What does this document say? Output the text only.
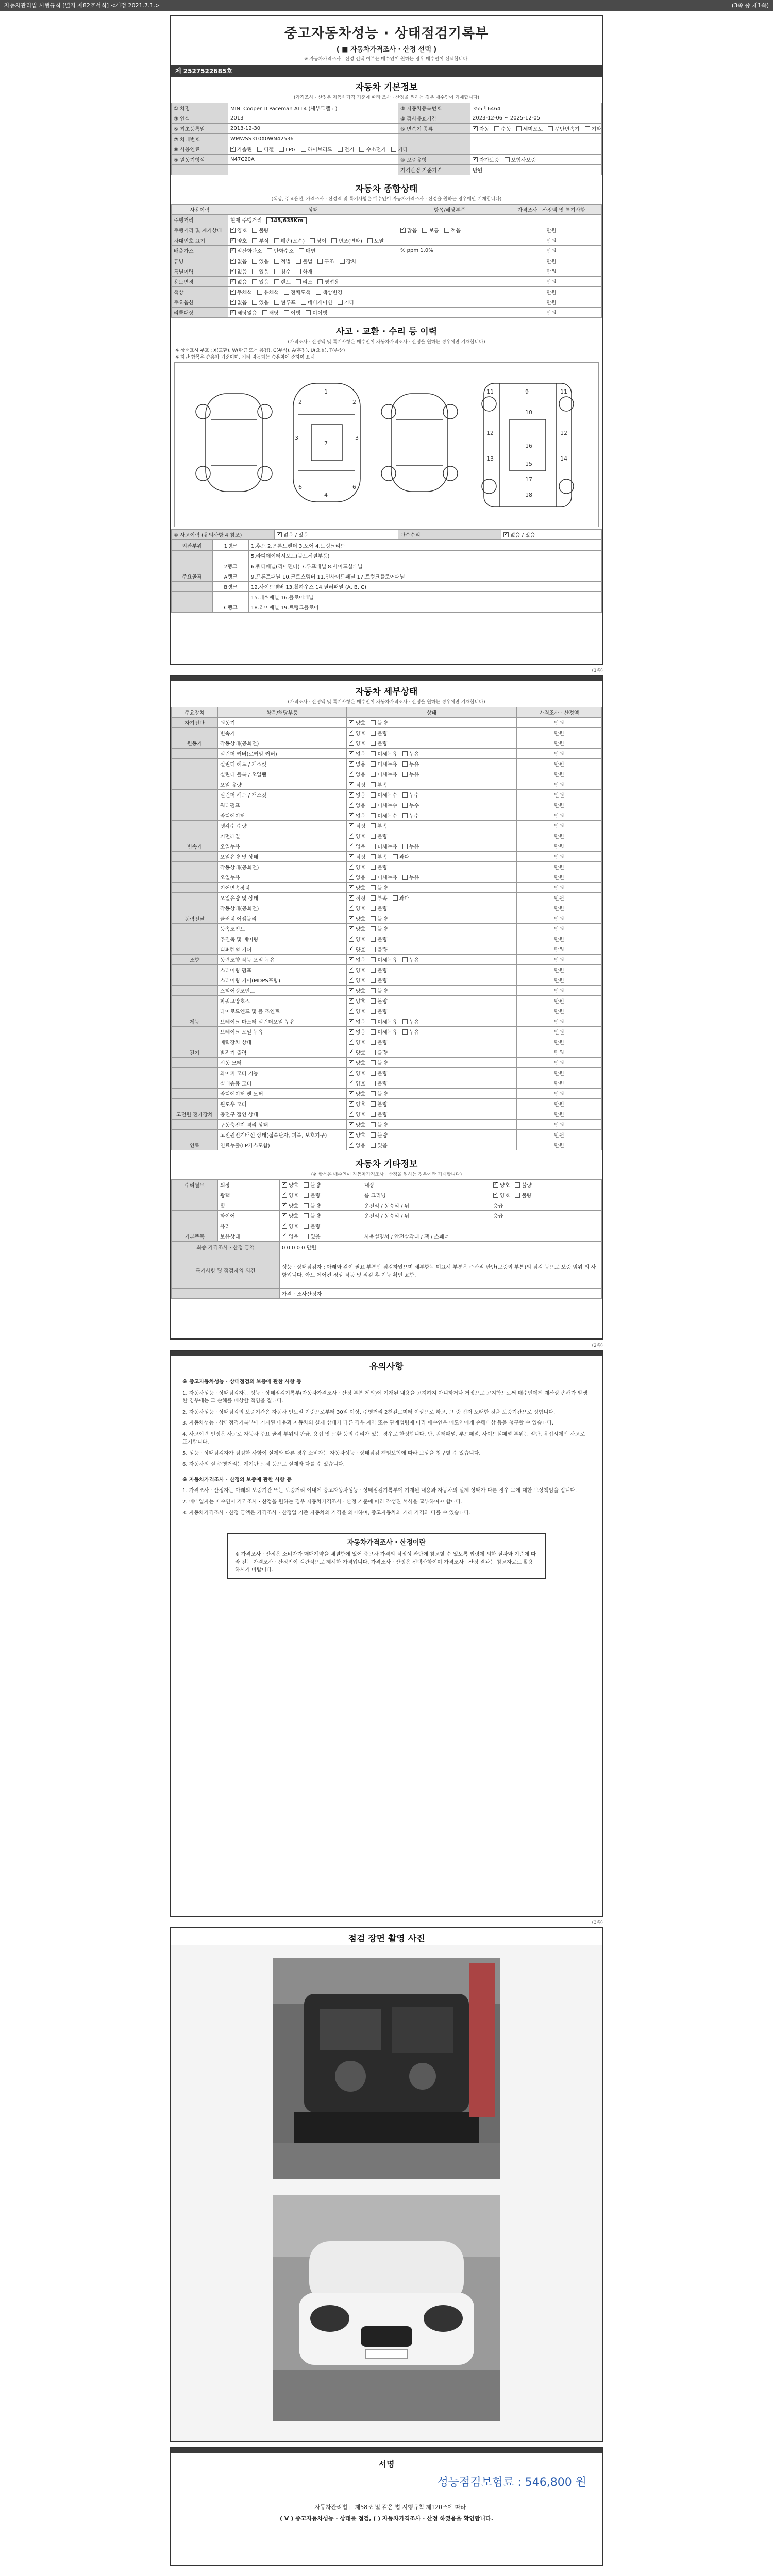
자동차관리법 시행규칙 [별지 제82호서식] <개정 2021.7.1.>	(3쪽 중 제1쪽)
중고자동차성능 · 상태점검기록부
( ■ 자동차가격조사 · 산정 선택 )
※ 자동차가격조사 · 산정 선택 여부는 매수인이 원하는 경우 매수인이 선택합니다.
제 2527522685호
자동차 기본정보
(가격조사 · 산정은 자동차가격 기준에 따라 조사 · 산정을 원하는 경우 매수인이 기재합니다)
① 차명	MINI Cooper D Paceman ALL4 (세부모델 : )	② 자동차등록번호	355바6464
③ 연식	2013	④ 검사유효기간	2023-12-06 ~ 2025-12-05
⑤ 최초등록일	2013-12-30	⑥ 변속기 종류	✓자동 수동 세미오토 무단변속기 기타
⑦ 차대번호	WMWSS310X0WN42536		
⑧ 사용연료	✓가솔린 디젤 LPG 하이브리드 전기 수소전기 기타		
⑨ 원동기형식	N47C20A	⑩ 보증유형	✓자가보증 보험사보증
		가격산정 기준가격	만원
자동차 종합상태
(색상, 주요옵션, 가격조사 · 산정액 및 특기사항은 매수인이 자동차가격조사 · 산정을 원하는 경우에만 기재합니다)
사용이력	상태	항목/해당부품	가격조사 · 산정액 및 특기사항
주행거리	현재 주행거리 145,635Km		
주행거리 및 계기상태	✓양호 불량	✓많음 보통 적음	만원
차대번호 표기	✓양호 부식 훼손(오손) 상이 변조(변타) 도말		만원
배출가스	✓일산화탄소 탄화수소 매연	% ppm 1.0%	만원
튜닝	✓없음 있음 적법 불법 구조 장치		만원
특별이력	✓없음 있음 침수 화재		만원
용도변경	✓없음 있음 렌트 리스 영업용		만원
색상	✓무채색 유채색 전체도색 색상변경		만원
주요옵션	✓없음 있음 썬루프 네비게이션 기타		만원
리콜대상	✓해당없음 해당 이행 미이행		만원
사고 · 교환 · 수리 등 이력
(가격조사 · 산정액 및 특기사항은 매수인이 자동차가격조사 · 산정을 원하는 경우에만 기재합니다)
※ 상태표시 부호 : X(교환), W(판금 또는 용접), C(부식), A(흠집), U(요철), T(손상)
※ 하단 항목은 승용차 기준이며, 기타 자동차는 승용차에 준하여 표시
1
2	2
3	3
7
6	6
4
9
10
12	12
16
18
13	14
17
11	11
15
⑩ 사고이력 (유의사항 4 참조)	✓없음 / 있음	단순수리	✓없음 / 있음
외판부위	1랭크	1.후드 2.프론트펜더 3.도어 4.트렁크리드	
		5.라디에이터서포트(볼트체결부품)	
	2랭크	6.쿼터패널(리어펜더) 7.루프패널 8.사이드실패널	
주요골격	A랭크	9.프론트패널 10.크로스멤버 11.인사이드패널 17.트렁크플로어패널	
	B랭크	12.사이드멤버 13.휠하우스 14.필러패널 (A, B, C)	
		15.대쉬패널 16.플로어패널	
	C랭크	18.리어패널 19.트렁크플로어	
(1쪽)
자동차 세부상태
(가격조사 · 산정액 및 특기사항은 매수인이 자동차가격조사 · 산정을 원하는 경우에만 기재합니다)
주요장치	항목/해당부품	상태	가격조사 · 산정액
자기진단	원동기	✓양호 불량	만원
	변속기	✓양호 불량	만원
원동기	작동상태(공회전)	✓양호 불량	만원
	실린더 커버(로커암 커버)	✓없음 미세누유 누유	만원
	실린더 헤드 / 개스킷	✓없음 미세누유 누유	만원
	실린더 블록 / 오일팬	✓없음 미세누유 누유	만원
	오일 유량	✓적정 부족	만원
	실린더 헤드 / 개스킷	✓없음 미세누수 누수	만원
	워터펌프	✓없음 미세누수 누수	만원
	라디에이터	✓없음 미세누수 누수	만원
	냉각수 수량	✓적정 부족	만원
	커먼레일	✓양호 불량	만원
변속기	오일누유	✓없음 미세누유 누유	만원
	오일유량 및 상태	✓적정 부족 과다	만원
	작동상태(공회전)	✓양호 불량	만원
	오일누유	✓없음 미세누유 누유	만원
	기어변속장치	✓양호 불량	만원
	오일유량 및 상태	✓적정 부족 과다	만원
	작동상태(공회전)	✓양호 불량	만원
동력전달	클러치 어셈블리	✓양호 불량	만원
	등속조인트	✓양호 불량	만원
	추진축 및 베어링	✓양호 불량	만원
	디퍼렌셜 기어	✓양호 불량	만원
조향	동력조향 작동 오일 누유	✓없음 미세누유 누유	만원
	스티어링 펌프	✓양호 불량	만원
	스티어링 기어(MDPS포함)	✓양호 불량	만원
	스티어링조인트	✓양호 불량	만원
	파워고압호스	✓양호 불량	만원
	타이로드엔드 및 볼 조인트	✓양호 불량	만원
제동	브레이크 마스터 실린더오일 누유	✓없음 미세누유 누유	만원
	브레이크 오일 누유	✓없음 미세누유 누유	만원
	배력장치 상태	✓양호 불량	만원
전기	발전기 출력	✓양호 불량	만원
	시동 모터	✓양호 불량	만원
	와이퍼 모터 기능	✓양호 불량	만원
	실내송풍 모터	✓양호 불량	만원
	라디에이터 팬 모터	✓양호 불량	만원
	윈도우 모터	✓양호 불량	만원
고전원 전기장치	충전구 절연 상태	✓양호 불량	만원
	구동축전지 격리 상태	✓양호 불량	만원
	고전원전기배선 상태(접속단자, 피복, 보호기구)	✓양호 불량	만원
연료	연료누출(LP가스포함)	✓없음 있음	만원
자동차 기타정보
(※ 항목은 매수인이 자동차가격조사 · 산정을 원하는 경우에만 기재합니다)
수리필요	외장	✓양호 불량	내장	✓양호 불량
	광택	✓양호 불량	룸 크리닝	✓양호 불량
	휠	✓양호 불량	운전석 / 동승석 / 뒤	응급
	타이어	✓양호 불량	운전석 / 동승석 / 뒤	응급
	유리	✓양호 불량		
기본품목	보유상태	✓없음 있음	사용설명서 / 안전삼각대 / 잭 / 스패너	
최종 가격조사 · 산정 금액	0 0 0 0 0 만원
특기사항 및 점검자의 의견	성능 · 상태점검자 : 아래와 같이 필요 부분만 점검하였으며 세부항목 미표시 부분은 주관적 판단(보증외 부분)의 점검 등으로 보증 범위 외 사항입니다. 아트 에어컨 정상 작동 및 점검 후 기능 확인 요함.
	가격 · 조사산정자
(2쪽)
유의사항

※ 중고자동차성능 · 상태점검의 보증에 관한 사항 등

1. 자동차성능 · 상태점검자는 성능 · 상태점검기록부(자동차가격조사 · 산정 부분 제외)에 기재된 내용을 고지하지 아니하거나 거짓으로 고지함으로써 매수인에게 재산상 손해가 발생한 경우에는 그 손해를 배상할 책임을 집니다.

2. 자동차성능 · 상태점검의 보증기간은 자동차 인도일 기준으로부터 30일 이상, 주행거리 2천킬로미터 이상으로 하고, 그 중 먼저 도래한 것을 보증기간으로 정합니다.

3. 자동차성능 · 상태점검기록부에 기재된 내용과 자동차의 실제 상태가 다른 경우 계약 또는 관계법령에 따라 매수인은 매도인에게 손해배상 등을 청구할 수 있습니다.

4. 사고이력 인정은 사고로 자동차 주요 골격 부위의 판금, 용접 및 교환 등의 수리가 있는 경우로 한정합니다. 단, 쿼터패널, 루프패널, 사이드실패널 부위는 절단, 용접시에만 사고로 표기합니다.

5. 성능 · 상태점검자가 점검한 사항이 실제와 다른 경우 소비자는 자동차성능 · 상태점검 책임보험에 따라 보상을 청구할 수 있습니다.

6. 자동차의 실 주행거리는 계기판 교체 등으로 실제와 다를 수 있습니다.

※ 자동차가격조사 · 산정의 보증에 관한 사항 등

1. 가격조사 · 산정자는 아래의 보증기간 또는 보증거리 이내에 중고자동차성능 · 상태점검기록부에 기재된 내용과 자동차의 실제 상태가 다른 경우 그에 대한 보상책임을 집니다.

2. 매매업자는 매수인이 가격조사 · 산정을 원하는 경우 자동차가격조사 · 산정 기준에 따라 작성된 서식을 교부하여야 합니다.

3. 자동차가격조사 · 산정 금액은 가격조사 · 산정일 기준 자동차의 가격을 의미하며, 중고자동차의 거래 가격과 다를 수 있습니다.

자동차가격조사 · 산정이란
※ 가격조사 · 산정은 소비자가 매매계약을 체결함에 있어 중고차 가격의 적정성 판단에 참고할 수 있도록 법령에 의한 절차와 기준에 따라 전문 가격조사 · 산정인이 객관적으로 제시한 가격입니다. 가격조사 · 산정은 선택사항이며 가격조사 · 산정 결과는 참고자료로 활용하시기 바랍니다.
(3쪽)
점검 장면 촬영 사진
서명
성능점검보험료 : 546,800 원
「 자동차관리법」 제58조 및 같은 법 시행규칙 제120조에 따라
( V ) 중고자동차성능 · 상태를 점검, ( ) 자동차가격조사 · 산정 하였음을 확인합니다.
